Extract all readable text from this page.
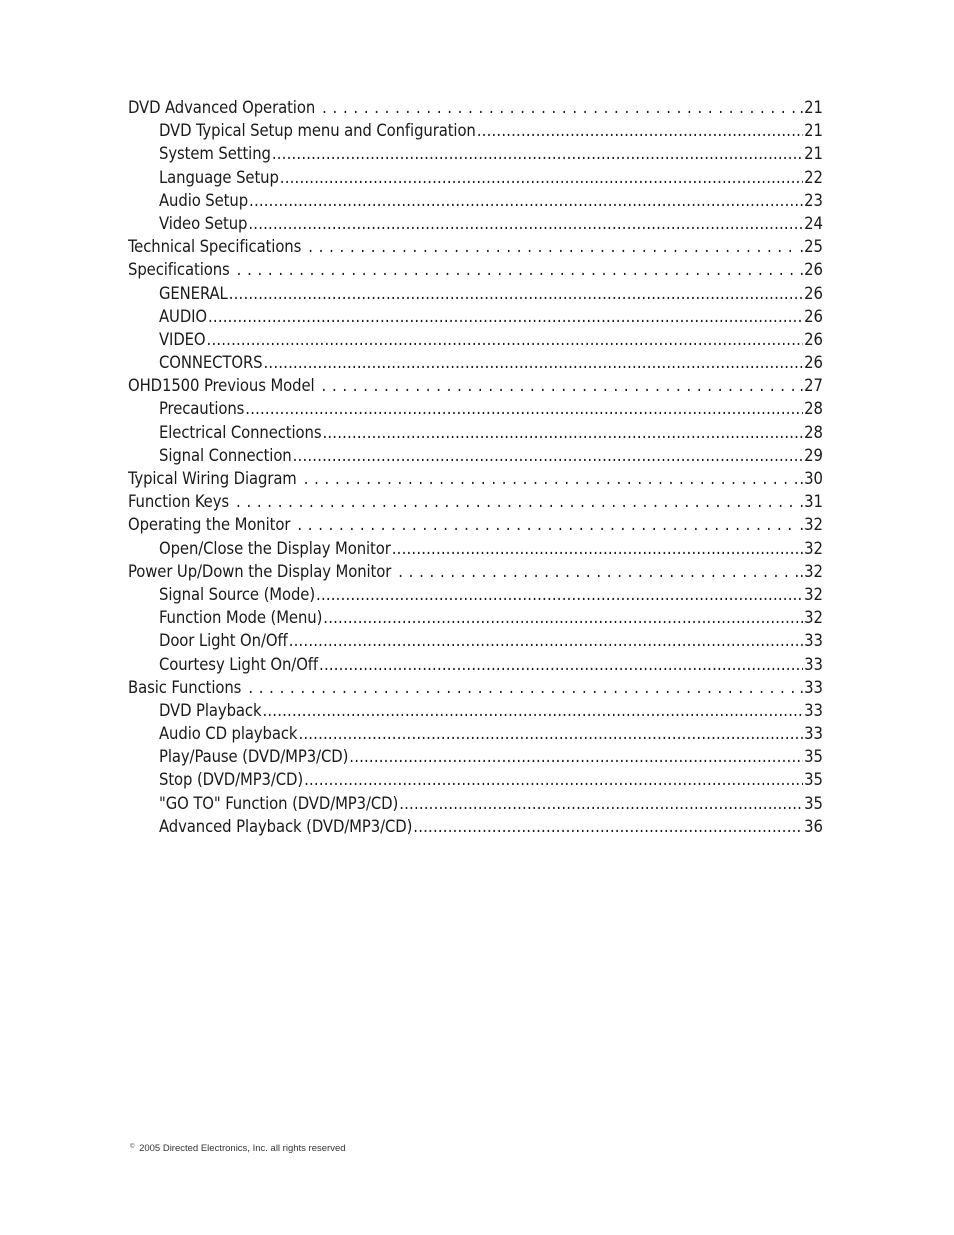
DVD Advanced Operation . . .	.21
DVD Typical Setup menu and Configuration .....	21
System Setting .....	21
Language Setup .....	22
Audio Setup .....	23
Video Setup .....	24
Technical Specifications . . .	.25
Specifications . . .	.26
GENERAL .....	26
AUDIO .....	26
VIDEO .....	26
CONNECTORS .....	26
OHD1500 Previous Model . . .	.27
Precautions .....	28
Electrical Connections .....	28
Signal Connection .....	29
Typical Wiring Diagram . . .	.30
Function Keys . . .	.31
Operating the Monitor . . .	.32
Open/Close the Display Monitor .....	32
Power Up/Down the Display Monitor . . .	.32
Signal Source (Mode) .....	32
Function Mode (Menu) .....	32
Door Light On/Off .....	33
Courtesy Light On/Off .....	33
Basic Functions . . .	.33
DVD Playback .....	33
Audio CD playback .....	33
Play/Pause (DVD/MP3/CD) .....	35
Stop (DVD/MP3/CD) .....	35
"GO TO" Function (DVD/MP3/CD) .....	35
Advanced Playback (DVD/MP3/CD) .....	36
© 2005 Directed Electronics, Inc. all rights reserved
